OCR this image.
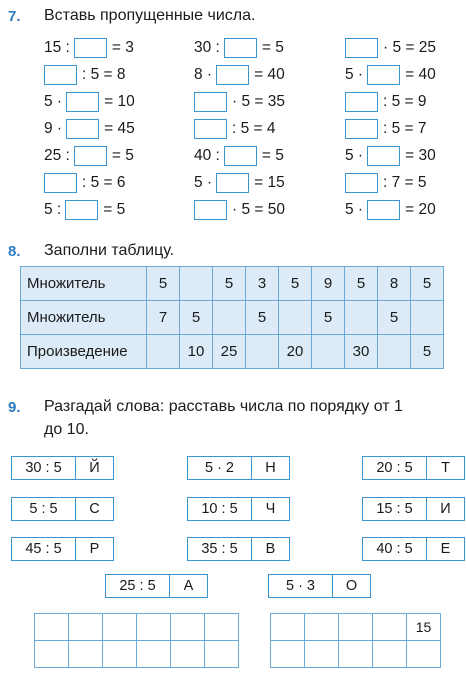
7. Вставь пропущенные числа.
15 :	= 3	30 :	= 5	· 5 = 25
: 5 = 8	8 ·	= 40	5 ·	= 40
5 ·	= 10	· 5 = 35	: 5 = 9
9 ·	= 45	: 5 = 4	: 5 = 7
25 :	= 5	40 :	= 5	5 ·	= 30
: 5 = 6	5 ·	= 15	: 7 = 5
5 :	= 5	· 5 = 50	5 ·	= 20
8. Заполни таблицу.
Множитель	5		5	3	5	9	5	8	5
Множитель	7	5		5		5		5	
Произведение		10	25		20		30		5
9. Разгадай слова: расставь числа по порядку от 1
до 10.
30 : 5	Й	5 · 2	Н	20 : 5	Т
5 : 5	С	10 : 5	Ч	15 : 5	И
45 : 5	Р	35 : 5	В	40 : 5	Е
25 : 5	А	5 · 3	О

				15
